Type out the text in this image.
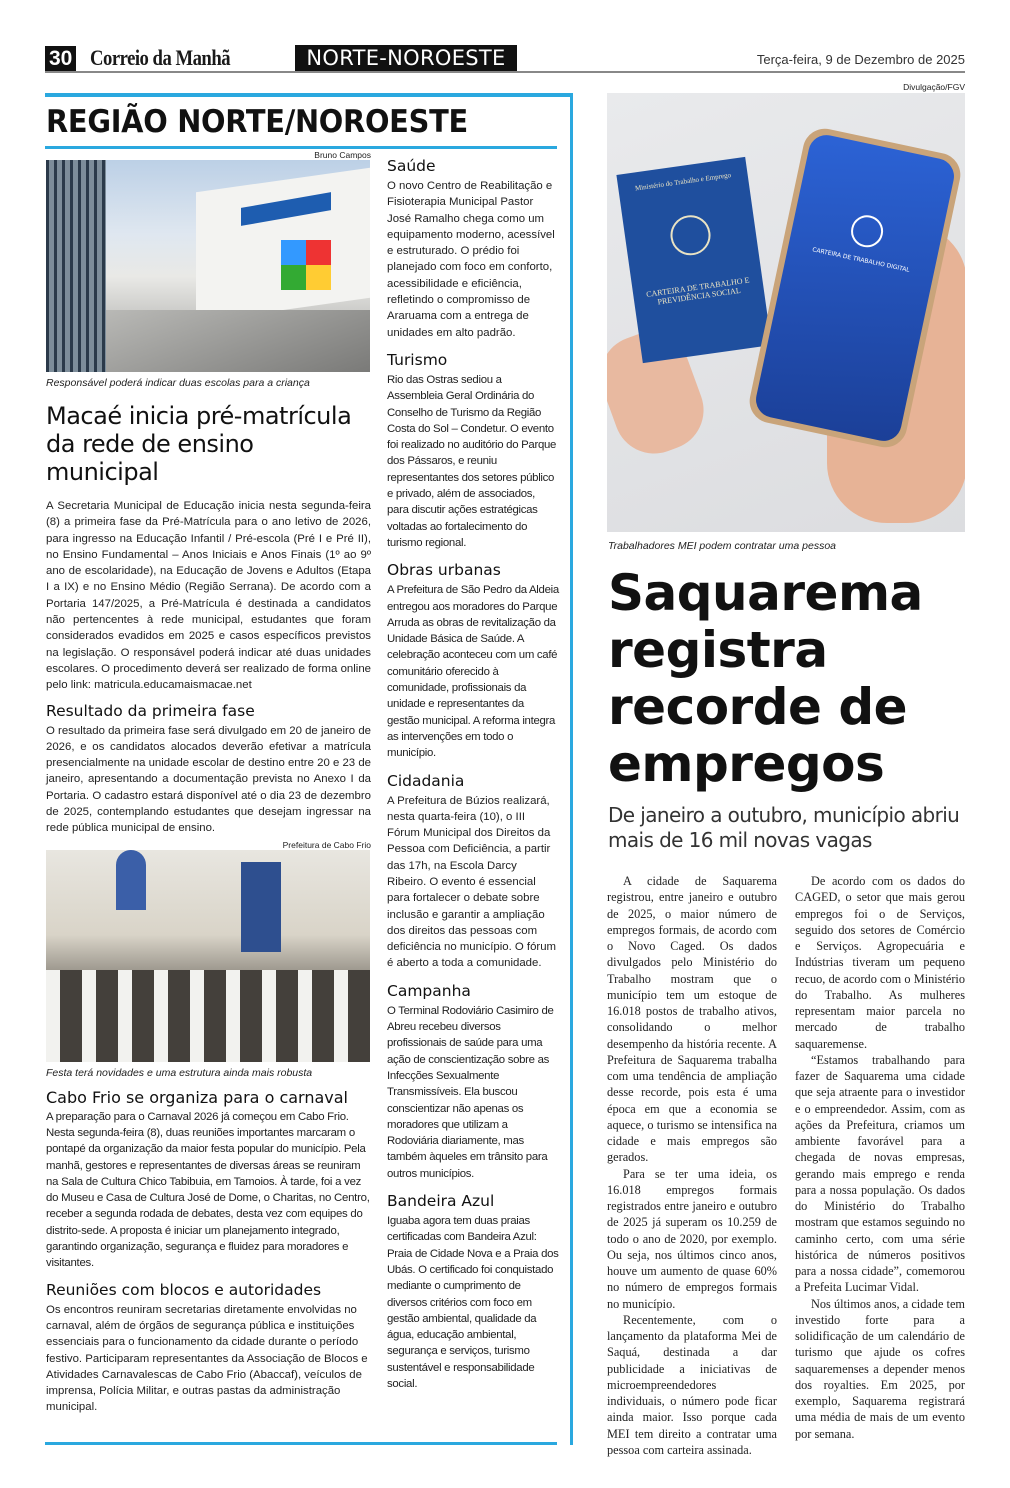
30 Correio da Manhã	NORTE-NOROESTE	Terça-feira, 9 de Dezembro de 2025
REGIÃO NORTE/NOROESTE
Bruno Campos
Responsável poderá indicar duas escolas para a criança
Macaé inicia pré-matrícula da rede de ensino municipal

A Secretaria Municipal de Educação inicia nesta segunda-feira (8) a primeira fase da Pré-Matrícula para o ano letivo de 2026, para ingresso na Educação Infantil / Pré-escola (Pré I e Pré II), no Ensino Fundamental – Anos Iniciais e Anos Finais (1º ao 9º ano de escolaridade), na Educação de Jovens e Adultos (Etapa I a IX) e no Ensino Médio (Região Serrana). De acordo com a Portaria 147/2025, a Pré-Matrícula é destinada a candidatos não pertencentes à rede municipal, estudantes que foram considerados evadidos em 2025 e casos específicos previstos na legislação. O responsável poderá indicar até duas unidades escolares. O procedimento deverá ser realizado de forma online pelo link: matricula.educamaismacae.net

Resultado da primeira fase

O resultado da primeira fase será divulgado em 20 de janeiro de 2026, e os candidatos alocados deverão efetivar a matrícula presencialmente na unidade escolar de destino entre 20 e 23 de janeiro, apresentando a documentação prevista no Anexo I da Portaria. O cadastro estará disponível até o dia 23 de dezembro de 2025, contemplando estudantes que desejam ingressar na rede pública municipal de ensino.

Prefeitura de Cabo Frio
Festa terá novidades e uma estrutura ainda mais robusta
Cabo Frio se organiza para o carnaval

A preparação para o Carnaval 2026 já começou em Cabo Frio. Nesta segunda-feira (8), duas reuniões importantes marcaram o pontapé da organização da maior festa popular do município. Pela manhã, gestores e representantes de diversas áreas se reuniram na Sala de Cultura Chico Tabibuia, em Tamoios. À tarde, foi a vez do Museu e Casa de Cultura José de Dome, o Charitas, no Centro, receber a segunda rodada de debates, desta vez com equipes do distrito-sede. A proposta é iniciar um planejamento integrado, garantindo organização, segurança e fluidez para moradores e visitantes.

Reuniões com blocos e autoridades

Os encontros reuniram secretarias diretamente envolvidas no carnaval, além de órgãos de segurança pública e instituições essenciais para o funcionamento da cidade durante o período festivo. Participaram representantes da Associação de Blocos e Atividades Carnavalescas de Cabo Frio (Abaccaf), veículos de imprensa, Polícia Militar, e outras pastas da administração municipal.

Saúde

O novo Centro de Reabilitação e Fisioterapia Municipal Pastor José Ramalho chega como um equipamento moderno, acessível e estruturado. O prédio foi planejado com foco em conforto, acessibilidade e eficiência, refletindo o compromisso de Araruama com a entrega de unidades em alto padrão.

Turismo

Rio das Ostras sediou a Assembleia Geral Ordinária do Conselho de Turismo da Região Costa do Sol – Condetur. O evento foi realizado no auditório do Parque dos Pássaros, e reuniu representantes dos setores público e privado, além de associados, para discutir ações estratégicas voltadas ao fortalecimento do turismo regional.

Obras urbanas

A Prefeitura de São Pedro da Aldeia entregou aos moradores do Parque Arruda as obras de revitalização da Unidade Básica de Saúde. A celebração aconteceu com um café comunitário oferecido à comunidade, profissionais da unidade e representantes da gestão municipal. A reforma integra as intervenções em todo o município.

Cidadania

A Prefeitura de Búzios realizará, nesta quarta-feira (10), o III Fórum Municipal dos Direitos da Pessoa com Deficiência, a partir das 17h, na Escola Darcy Ribeiro. O evento é essencial para fortalecer o debate sobre inclusão e garantir a ampliação dos direitos das pessoas com deficiência no município. O fórum é aberto a toda a comunidade.

Campanha

O Terminal Rodoviário Casimiro de Abreu recebeu diversos profissionais de saúde para uma ação de conscientização sobre as Infecções Sexualmente Transmissíveis. Ela buscou conscientizar não apenas os moradores que utilizam a Rodoviária diariamente, mas também àqueles em trânsito para outros municípios.

Bandeira Azul

Iguaba agora tem duas praias certificadas com Bandeira Azul: Praia de Cidade Nova e a Praia dos Ubás. O certificado foi conquistado mediante o cumprimento de diversos critérios com foco em gestão ambiental, qualidade da água, educação ambiental, segurança e serviços, turismo sustentável e responsabilidade social.

Divulgação/FGV
Ministério do Trabalho e Emprego
CARTEIRA DE TRABALHO E PREVIDÊNCIA SOCIAL
CARTEIRA DE TRABALHO DIGITAL
Trabalhadores MEI podem contratar uma pessoa
Saquarema registra recorde de empregos
De janeiro a outubro, município abriu mais de 16 mil novas vagas

A cidade de Saquarema registrou, entre janeiro e outubro de 2025, o maior número de empregos formais, de acordo com o Novo Caged. Os dados divulgados pelo Ministério do Trabalho mostram que o município tem um estoque de 16.018 postos de trabalho ativos, consolidando o melhor desempenho da história recente. A Prefeitura de Saquarema trabalha com uma tendência de ampliação desse recorde, pois esta é uma época em que a economia se aquece, o turismo se intensifica na cidade e mais empregos são gerados.

Para se ter uma ideia, os 16.018 empregos formais registrados entre janeiro e outubro de 2025 já superam os 10.259 de todo o ano de 2020, por exemplo. Ou seja, nos últimos cinco anos, houve um aumento de quase 60% no número de empregos formais no município.

Recentemente, com o lançamento da plataforma Mei de Saquá, destinada a dar publicidade a iniciativas de microempreendedores individuais, o número pode ficar ainda maior. Isso porque cada MEI tem direito a contratar uma pessoa com carteira assinada.

De acordo com os dados do CAGED, o setor que mais gerou empregos foi o de Serviços, seguido dos setores de Comércio e Serviços. Agropecuária e Indústrias tiveram um pequeno recuo, de acordo com o Ministério do Trabalho. As mulheres representam maior parcela no mercado de trabalho saquaremense.

“Estamos trabalhando para fazer de Saquarema uma cidade que seja atraente para o investidor e o empreendedor. Assim, com as ações da Prefeitura, criamos um ambiente favorável para a chegada de novas empresas, gerando mais emprego e renda para a nossa população. Os dados do Ministério do Trabalho mostram que estamos seguindo no caminho certo, com uma série histórica de números positivos para a nossa cidade”, comemorou a Prefeita Lucimar Vidal.

Nos últimos anos, a cidade tem investido forte para a solidificação de um calendário de turismo que ajude os cofres saquaremenses a depender menos dos royalties. Em 2025, por exemplo, Saquarema registrará uma média de mais de um evento por semana.
